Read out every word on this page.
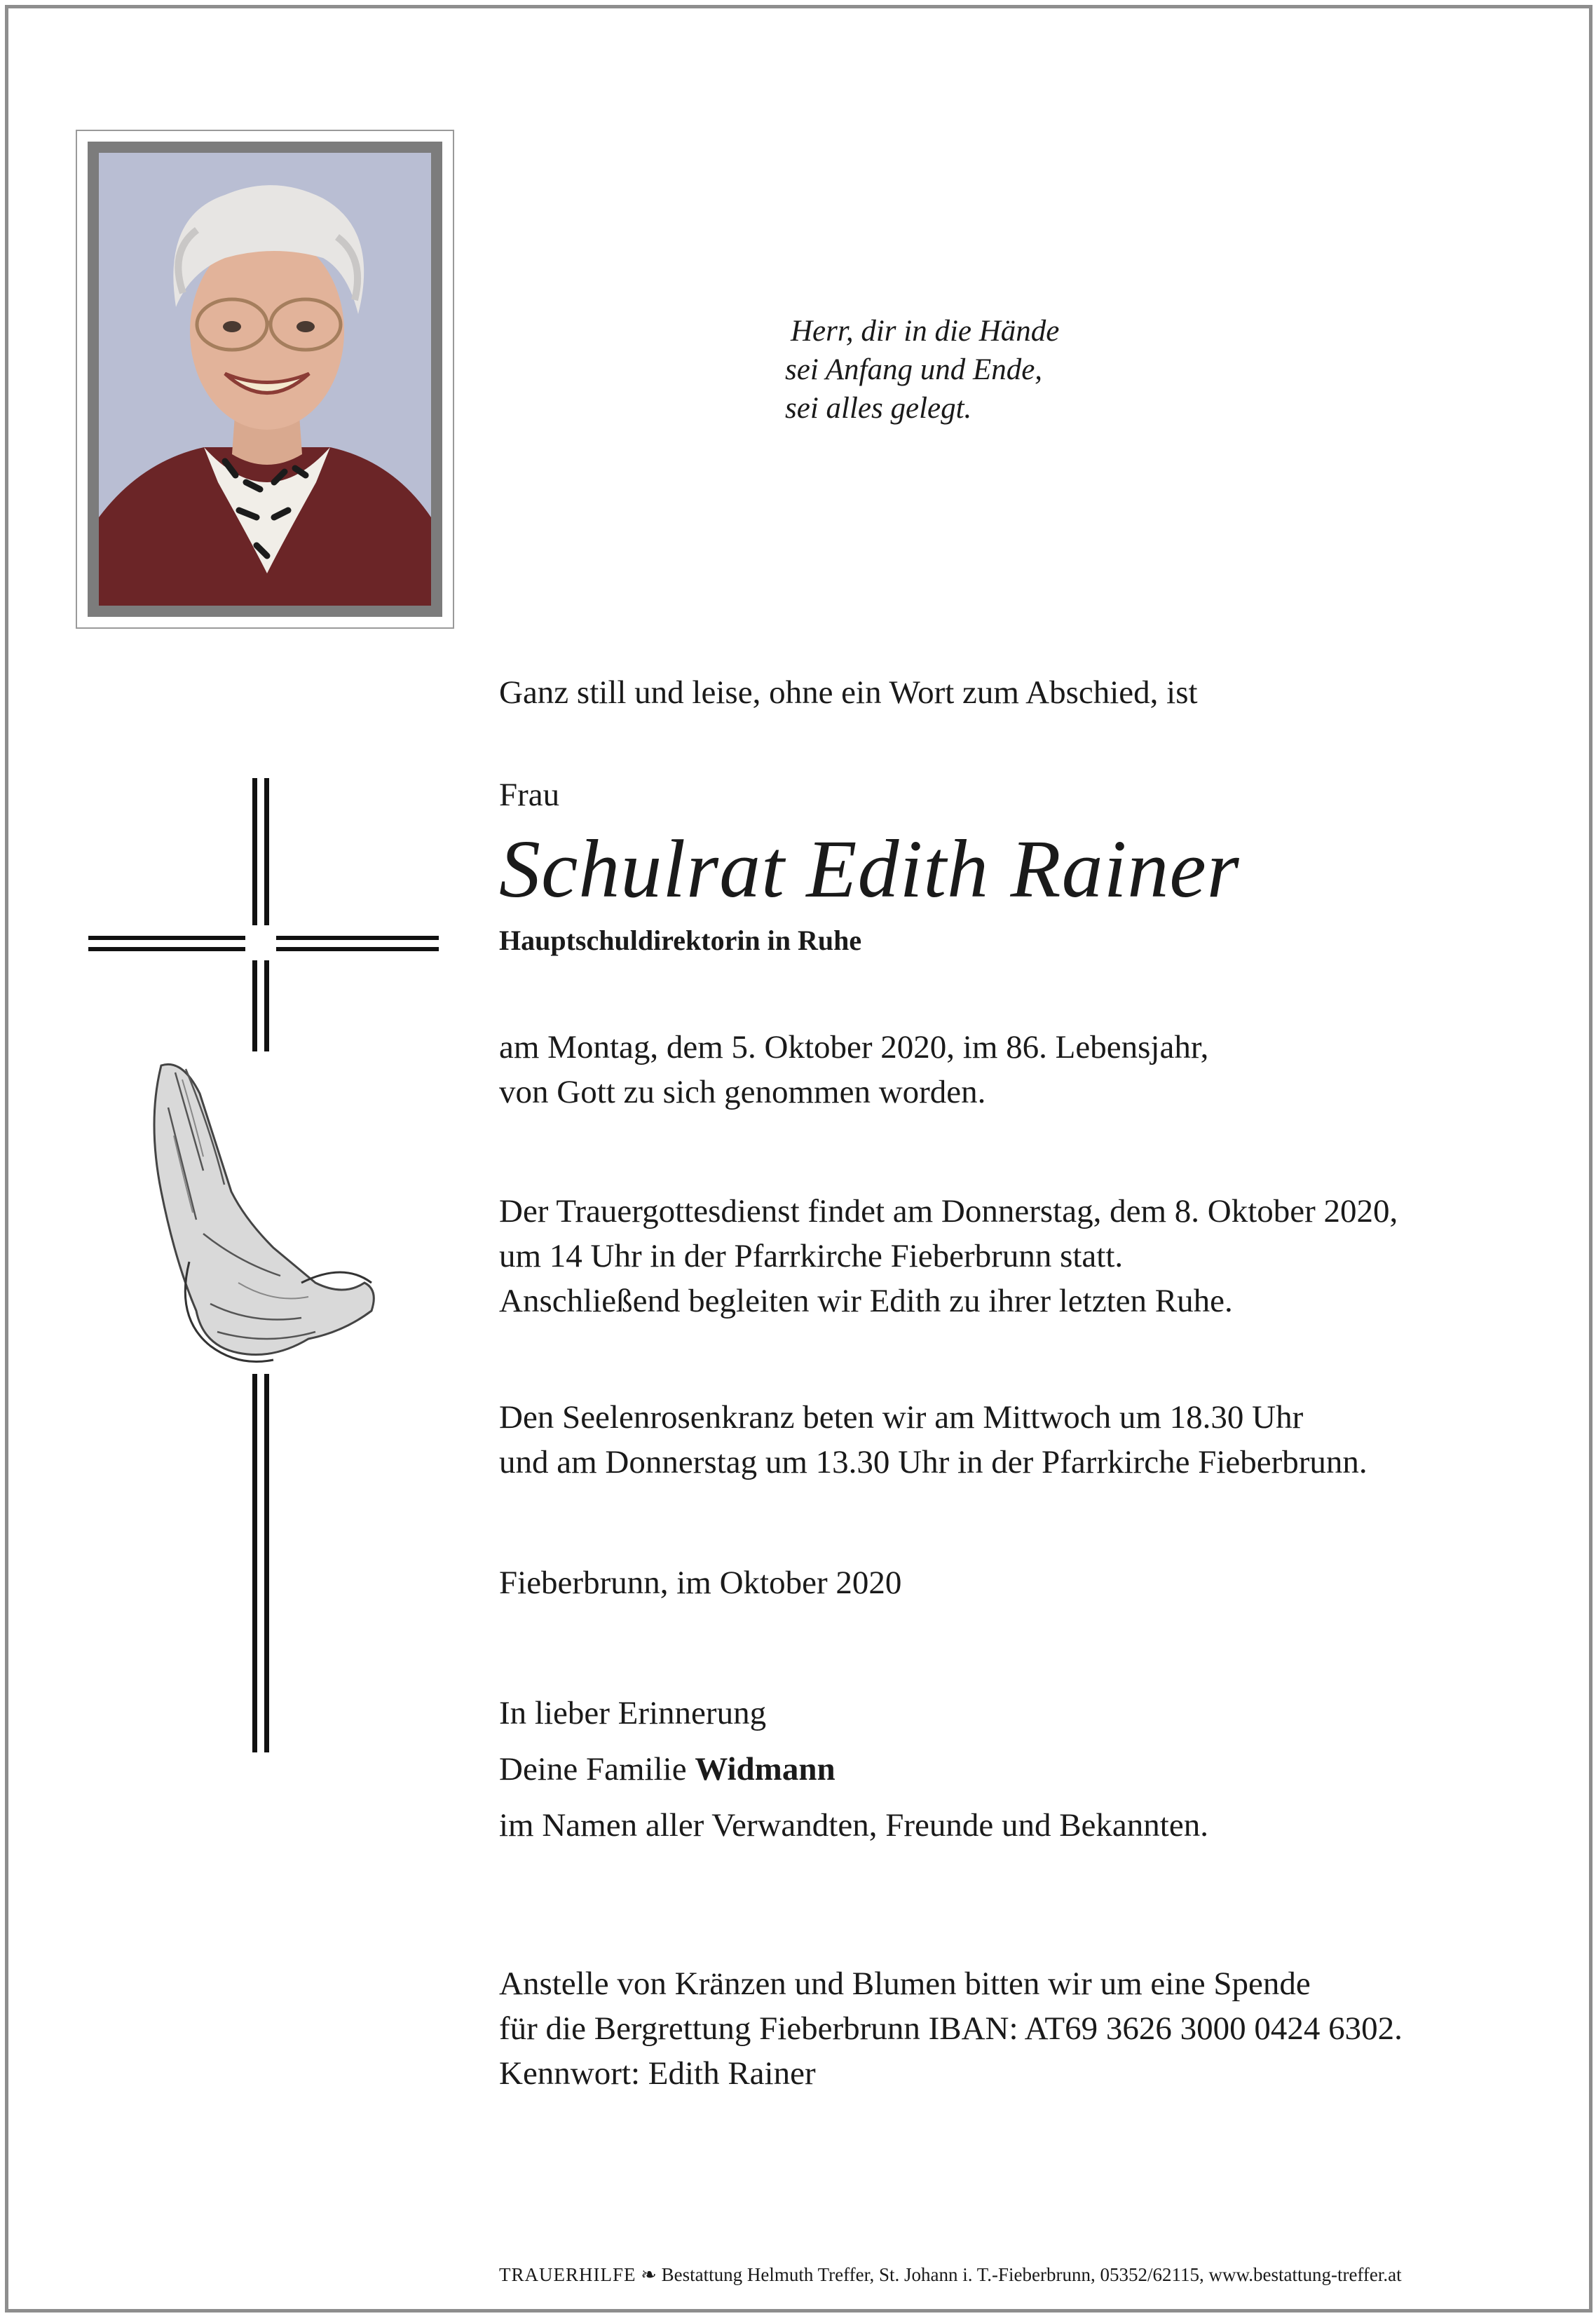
Herr, dir in die Hände
sei Anfang und Ende,
sei alles gelegt.
Ganz still und leise, ohne ein Wort zum Abschied, ist
Frau
Schulrat Edith Rainer
Hauptschuldirektorin in Ruhe
am Montag, dem 5. Oktober 2020, im 86. Lebensjahr,
von Gott zu sich genommen worden.
Der Trauergottesdienst findet am Donnerstag, dem 8. Oktober 2020,
um 14 Uhr in der Pfarrkirche Fieberbrunn statt.
Anschließend begleiten wir Edith zu ihrer letzten Ruhe.
Den Seelenrosenkranz beten wir am Mittwoch um 18.30 Uhr
und am Donnerstag um 13.30 Uhr in der Pfarrkirche Fieberbrunn.
Fieberbrunn, im Oktober 2020
In lieber Erinnerung
Deine Familie Widmann
im Namen aller Verwandten, Freunde und Bekannten.
Anstelle von Kränzen und Blumen bitten wir um eine Spende
für die Bergrettung Fieberbrunn IBAN: AT69 3626 3000 0424 6302.
Kennwort: Edith Rainer
TRAUERHILFE ❧ Bestattung Helmuth Treffer, St. Johann i. T.-Fieberbrunn, 05352/62115, www.bestattung-treffer.at
